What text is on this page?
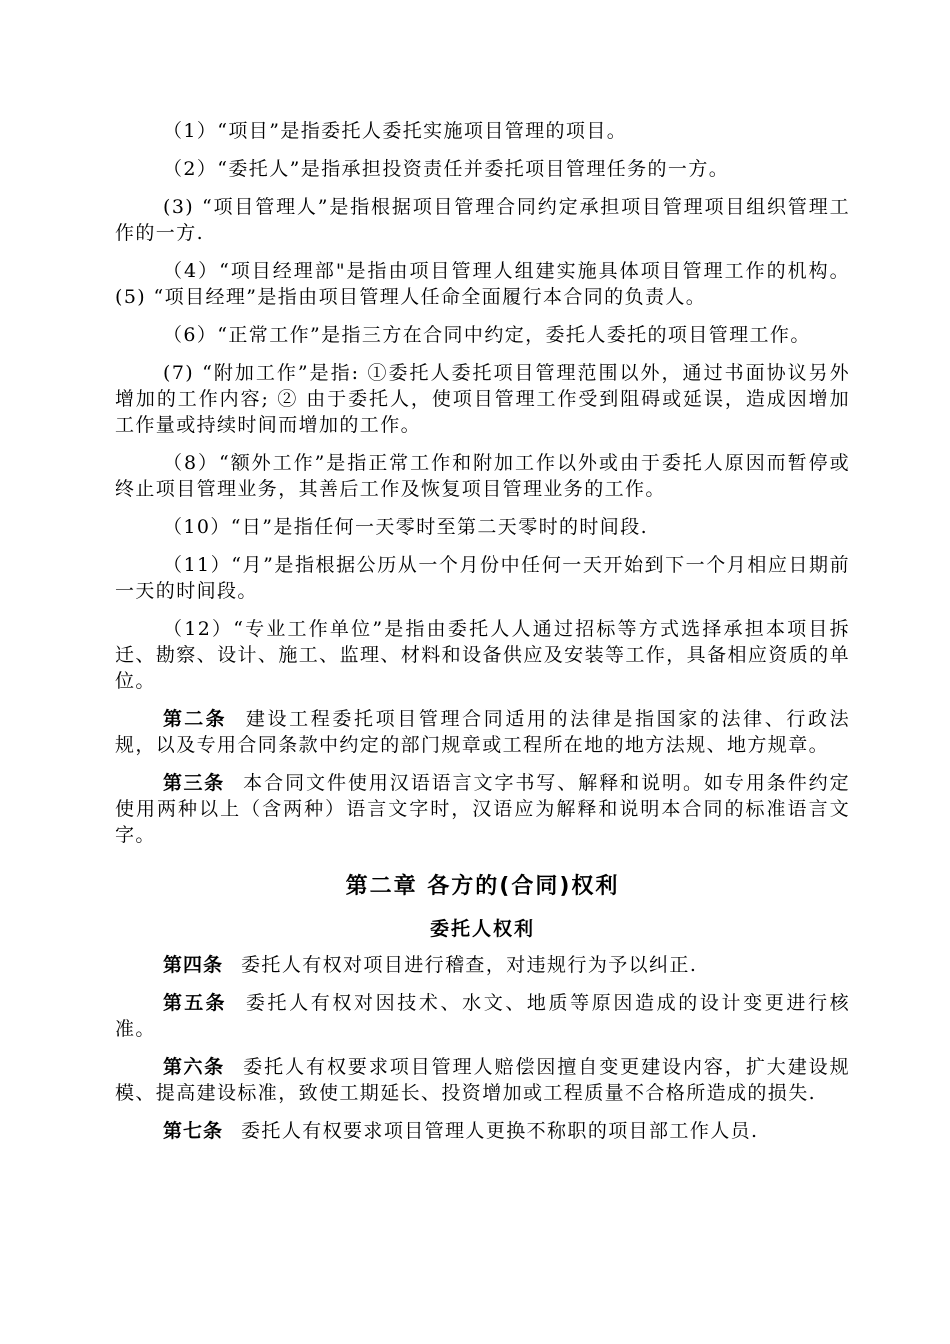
（1）“项目”是指委托人委托实施项目管理的项目。

（2）“委托人”是指承担投资责任并委托项目管理任务的一方。

(3) “项目管理人”是指根据项目管理合同约定承担项目管理项目组织管理工作的一方.

（4）“项目经理部"是指由项目管理人组建实施具体项目管理工作的机构。 (5) “项目经理”是指由项目管理人任命全面履行本合同的负责人。

（6）“正常工作”是指三方在合同中约定，委托人委托的项目管理工作。

(7) “附加工作”是指: ①委托人委托项目管理范围以外，通过书面协议另外增加的工作内容; ② 由于委托人，使项目管理工作受到阻碍或延误，造成因增加工作量或持续时间而增加的工作。

（8）“额外工作”是指正常工作和附加工作以外或由于委托人原因而暂停或终止项目管理业务，其善后工作及恢复项目管理业务的工作。

（10）“日”是指任何一天零时至第二天零时的时间段.

（11）“月”是指根据公历从一个月份中任何一天开始到下一个月相应日期前一天的时间段。

（12）“专业工作单位”是指由委托人人通过招标等方式选择承担本项目拆迁、勘察、设计、施工、监理、材料和设备供应及安装等工作，具备相应资质的单位。

第二条 建设工程委托项目管理合同适用的法律是指国家的法律、行政法规，以及专用合同条款中约定的部门规章或工程所在地的地方法规、地方规章。

第三条 本合同文件使用汉语语言文字书写、解释和说明。如专用条件约定使用两种以上（含两种）语言文字时，汉语应为解释和说明本合同的标准语言文字。

第二章 各方的(合同)权利
委托人权利

第四条 委托人有权对项目进行稽查，对违规行为予以纠正.

第五条 委托人有权对因技术、水文、地质等原因造成的设计变更进行核准。

第六条 委托人有权要求项目管理人赔偿因擅自变更建设内容，扩大建设规模、提高建设标准，致使工期延长、投资增加或工程质量不合格所造成的损失.

第七条 委托人有权要求项目管理人更换不称职的项目部工作人员.
